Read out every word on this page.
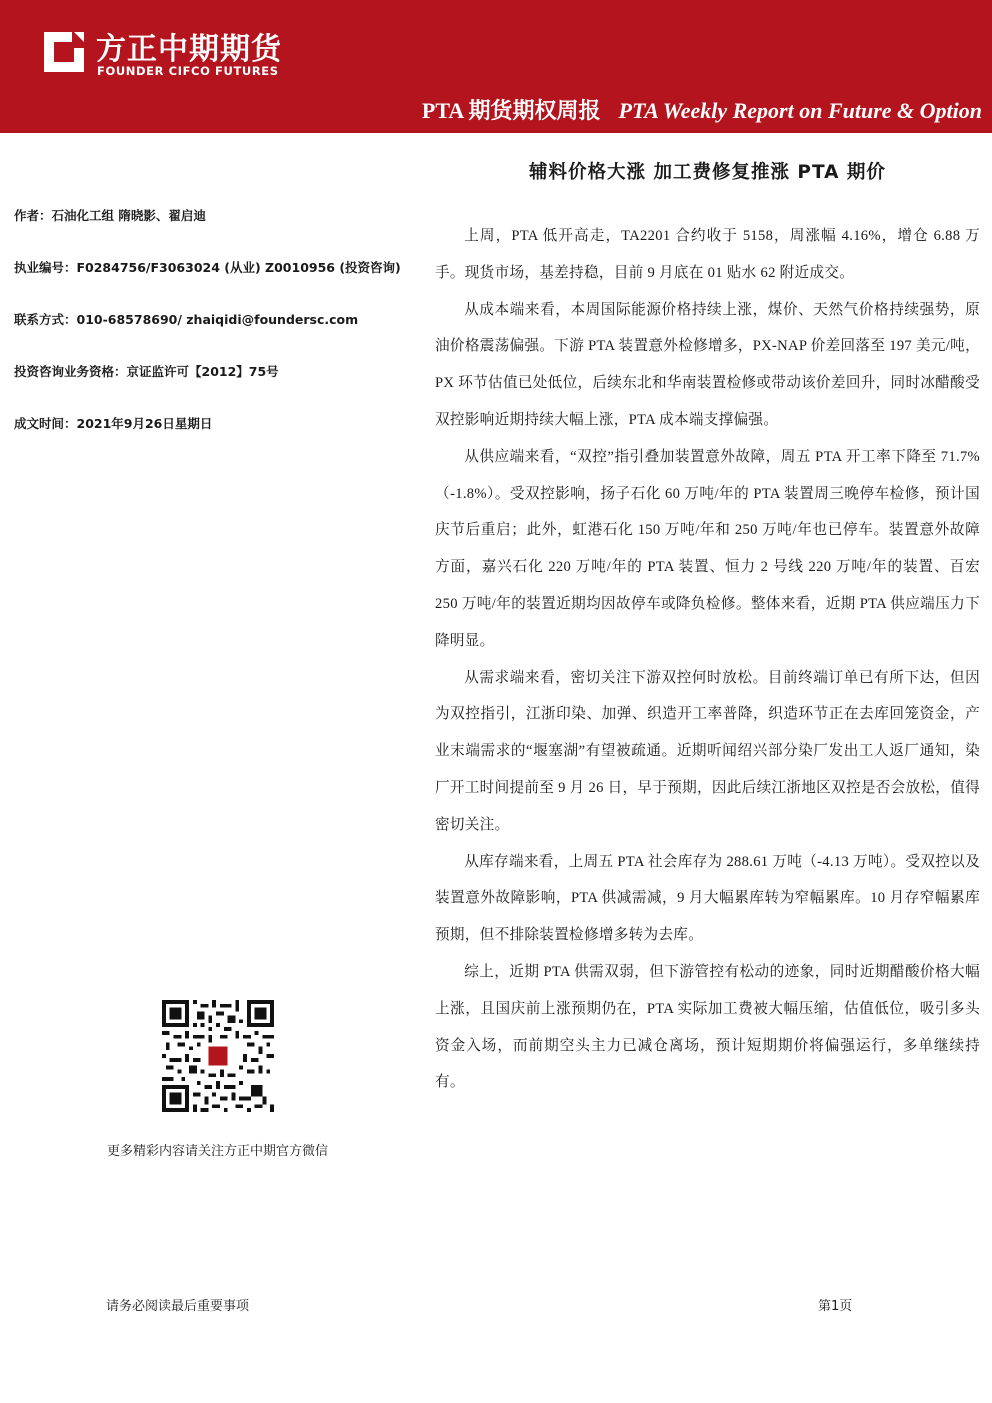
方正中期期货
FOUNDER CIFCO FUTURES
PTA 期货期权周报 PTA Weekly Report on Future & Option
辅料价格大涨 加工费修复推涨 PTA 期价
作者：石油化工组 隋晓影、翟启迪
执业编号：F0284756/F3063024 (从业) Z0010956 (投资咨询)
联系方式：010-68578690/ zhaiqidi@foundersc.com
投资咨询业务资格：京证监许可【2012】75号
成文时间：2021年9月26日星期日
更多精彩内容请关注方正中期官方微信

上周，PTA 低开高走，TA2201 合约收于 5158，周涨幅 4.16%，增仓 6.88 万手。现货市场，基差持稳，目前 9 月底在 01 贴水 62 附近成交。

从成本端来看，本周国际能源价格持续上涨，煤价、天然气价格持续强势，原油价格震荡偏强。下游 PTA 装置意外检修增多，PX-NAP 价差回落至 197 美元/吨，PX 环节估值已处低位，后续东北和华南装置检修或带动该价差回升，同时冰醋酸受双控影响近期持续大幅上涨，PTA 成本端支撑偏强。

从供应端来看，“双控”指引叠加装置意外故障，周五 PTA 开工率下降至 71.7%（-1.8%）。受双控影响，扬子石化 60 万吨/年的 PTA 装置周三晚停车检修，预计国庆节后重启；此外，虹港石化 150 万吨/年和 250 万吨/年也已停车。装置意外故障方面，嘉兴石化 220 万吨/年的 PTA 装置、恒力 2 号线 220 万吨/年的装置、百宏 250 万吨/年的装置近期均因故停车或降负检修。整体来看，近期 PTA 供应端压力下降明显。

从需求端来看，密切关注下游双控何时放松。目前终端订单已有所下达，但因为双控指引，江浙印染、加弹、织造开工率普降，织造环节正在去库回笼资金，产业末端需求的“堰塞湖”有望被疏通。近期听闻绍兴部分染厂发出工人返厂通知，染厂开工时间提前至 9 月 26 日，早于预期，因此后续江浙地区双控是否会放松，值得密切关注。

从库存端来看，上周五 PTA 社会库存为 288.61 万吨（-4.13 万吨）。受双控以及装置意外故障影响，PTA 供减需减，9 月大幅累库转为窄幅累库。10 月存窄幅累库预期，但不排除装置检修增多转为去库。

综上，近期 PTA 供需双弱，但下游管控有松动的迹象，同时近期醋酸价格大幅上涨，且国庆前上涨预期仍在，PTA 实际加工费被大幅压缩，估值低位，吸引多头资金入场，而前期空头主力已减仓离场，预计短期期价将偏强运行，多单继续持有。

请务必阅读最后重要事项	第1页
